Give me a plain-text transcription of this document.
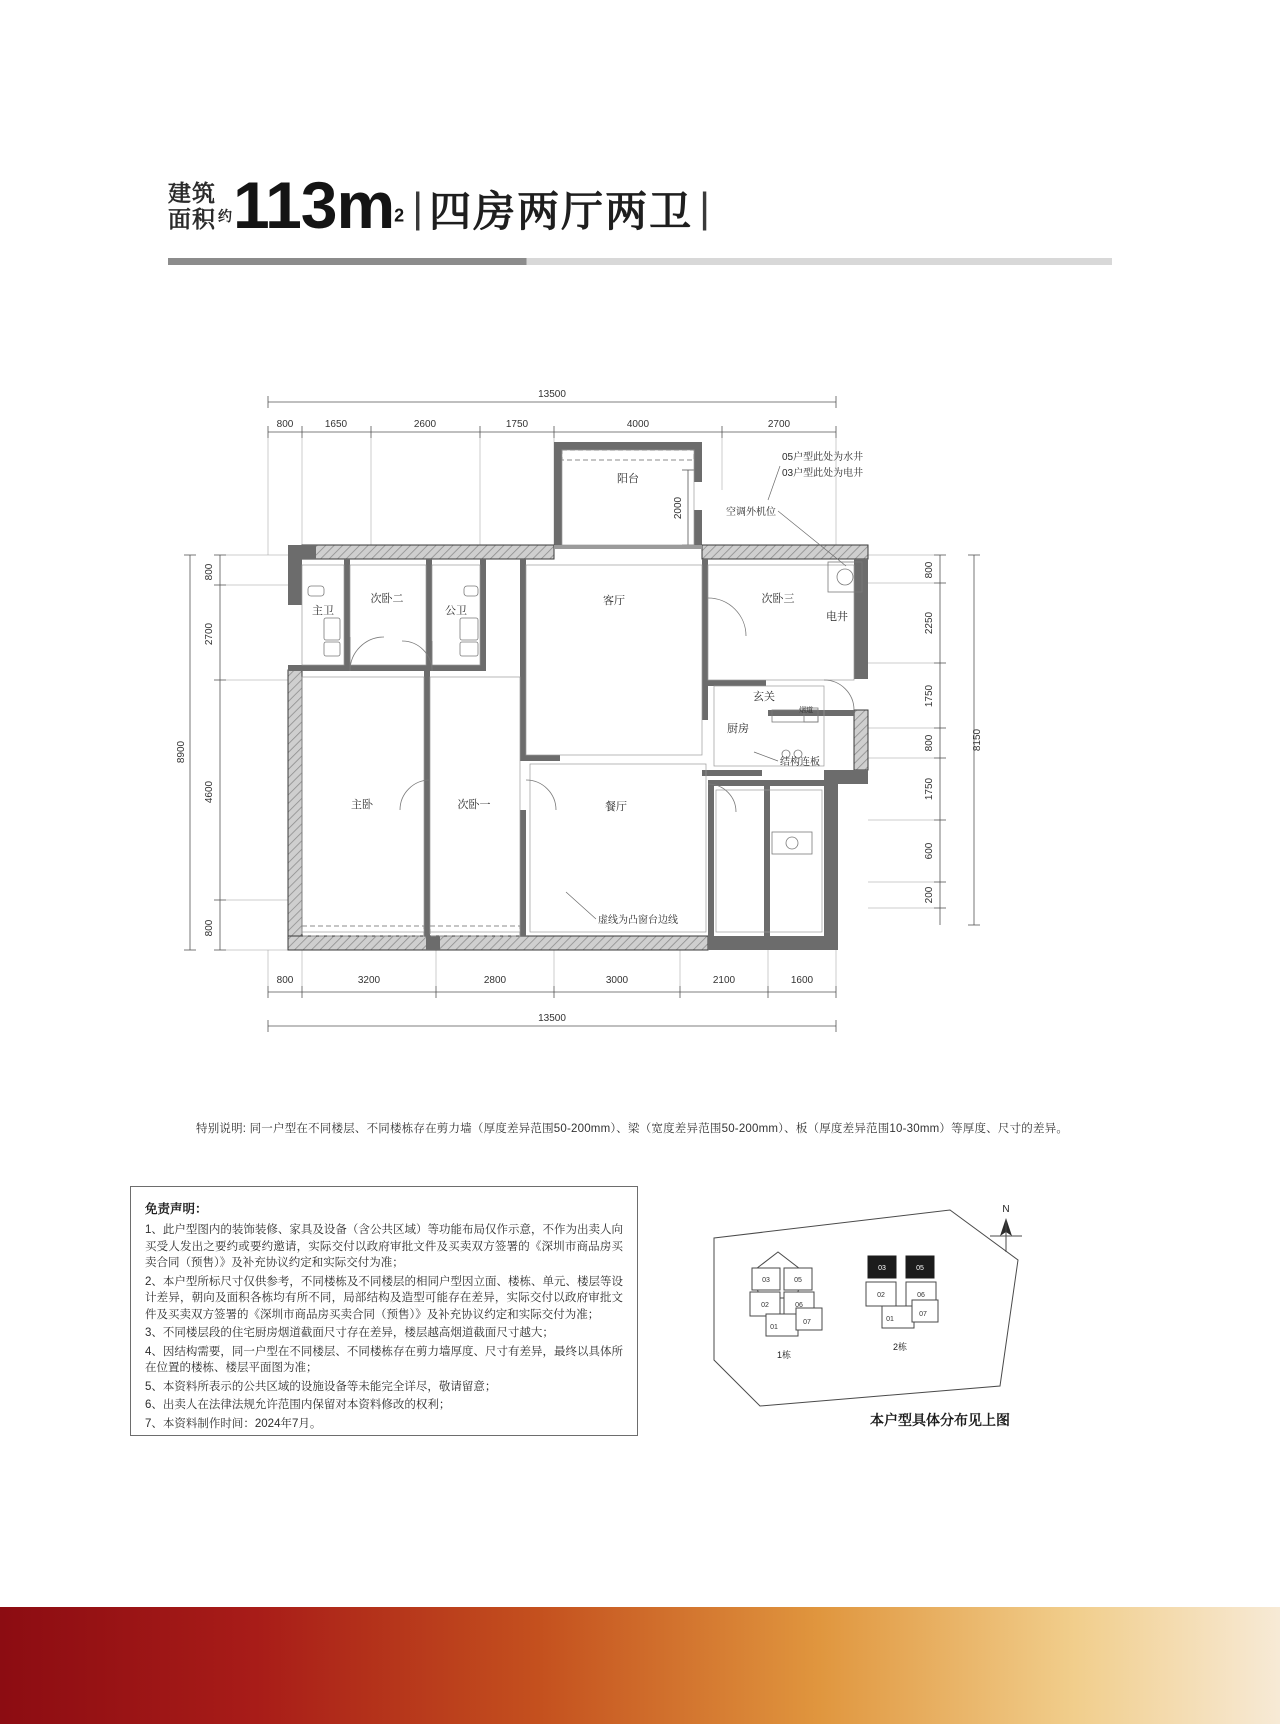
建筑
面积 约 113m2 | 四房两厅两卫 |
13500
800	1650	2600	1750	4000	2700
8900
800
2700
4600
800
800
2250
1750
800
1750
600
200
8150
2000
800	3200	2800	3000	2100	1600
13500
阳台
主卫
次卧二
公卫
客厅	次卧三
电井
玄关
主卧	次卧一	餐厅
厨房
烟道
05户型此处为水井
03户型此处为电井
空调外机位
结构连板
虚线为凸窗台边线
特别说明: 同一户型在不同楼层、不同楼栋存在剪力墙（厚度差异范围50-200mm）、梁（宽度差异范围50-200mm）、板（厚度差异范围10-30mm）等厚度、尺寸的差异。
免责声明：

1、此户型图内的装饰装修、家具及设备（含公共区域）等功能布局仅作示意，不作为出卖人向买受人发出之要约或要约邀请，实际交付以政府审批文件及买卖双方签署的《深圳市商品房买卖合同（预售）》及补充协议约定和实际交付为准；

2、本户型所标尺寸仅供参考，不同楼栋及不同楼层的相同户型因立面、楼栋、单元、楼层等设计差异，朝向及面积各栋均有所不同，局部结构及造型可能存在差异，实际交付以政府审批文件及买卖双方签署的《深圳市商品房买卖合同（预售）》及补充协议约定和实际交付为准；

3、不同楼层段的住宅厨房烟道截面尺寸存在差异，楼层越高烟道截面尺寸越大；

4、因结构需要，同一户型在不同楼层、不同楼栋存在剪力墙厚度、尺寸有差异，最终以具体所在位置的楼栋、楼层平面图为准；

5、本资料所表示的公共区域的设施设备等未能完全详尽，敬请留意；

6、出卖人在法律法规允许范围内保留对本资料修改的权利；

7、本资料制作时间：2024年7月。

03	05
02	06
01
07
1栋
03	05
02	06
01
07
2栋
N
本户型具体分布见上图
